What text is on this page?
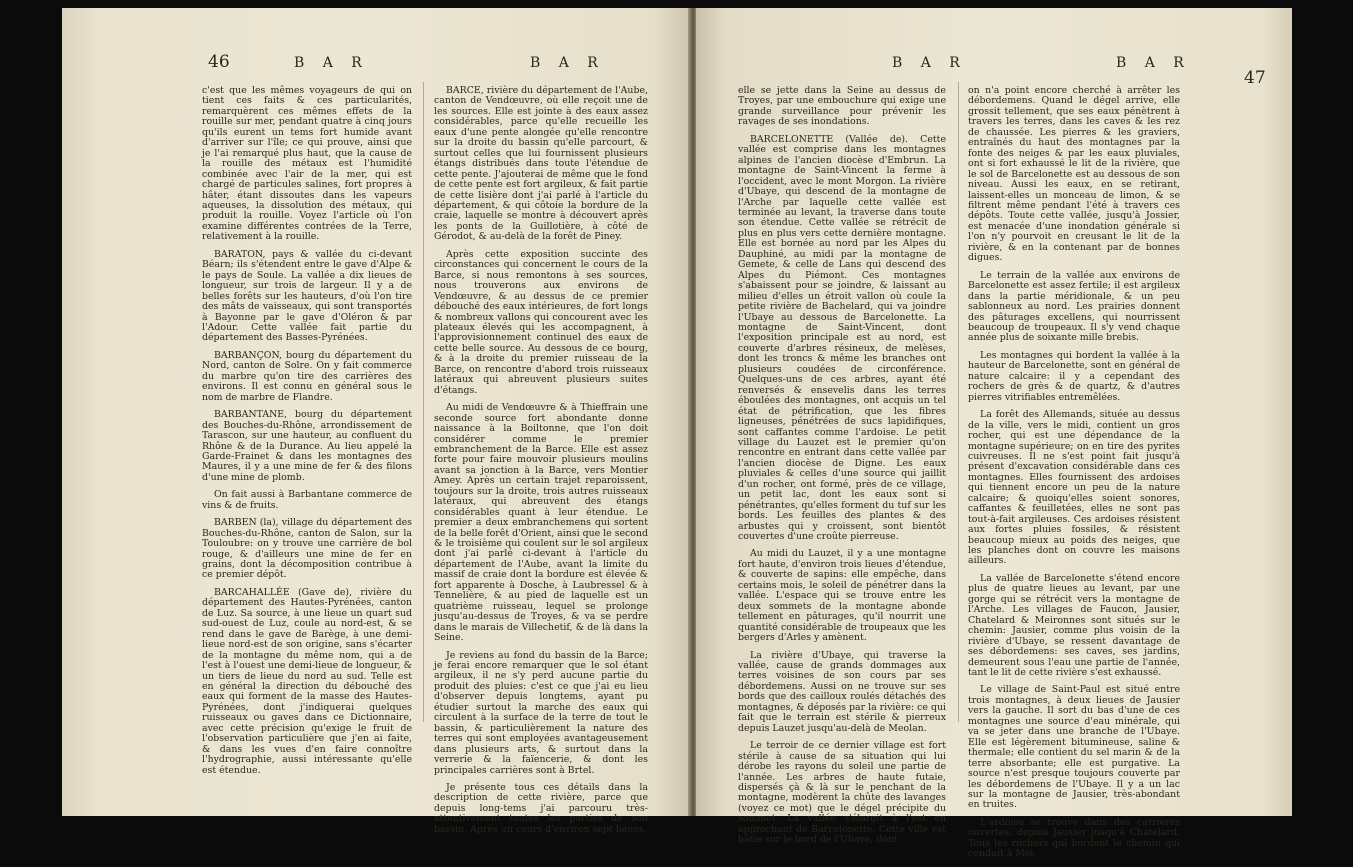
46	B A R	B A R

c'est que les mêmes voyageurs de qui on tient ces faits & ces particularités, remarquèrent ces mêmes effets de la rouille sur mer, pendant quatre à cinq jours qu'ils eurent un tems fort humide avant d'arriver sur l'île; ce qui prouve, ainsi que je l'ai remarqué plus haut, que la cause de la rouille des métaux est l'humidité combinée avec l'air de la mer, qui est chargé de particules salines, fort propres à hâter, étant dissoutes dans les vapeurs aqueuses, la dissolution des métaux, qui produit la rouille. Voyez l'article où l'on examine différentes contrées de la Terre, relativement à la rouille.

BARATON, pays & vallée du ci-devant Béarn; ils s'étendent entre le gave d'Alpe & le pays de Soule. La vallée a dix lieues de longueur, sur trois de largeur. Il y a de belles forêts sur les hauteurs, d'où l'on tire des mâts de vaisseaux, qui sont transportés à Bayonne par le gave d'Oléron & par l'Adour. Cette vallée fait partie du département des Basses-Pyrénées.

BARBANÇON, bourg du département du Nord, canton de Solre. On y fait commerce du marbre qu'on tire des carrières des environs. Il est connu en général sous le nom de marbre de Flandre.

BARBANTANE, bourg du département des Bouches-du-Rhône, arrondissement de Tarascon, sur une hauteur, au confluent du Rhône & de la Durance. Au lieu appelé la Garde-Frainet & dans les montagnes des Maures, il y a une mine de fer & des filons d'une mine de plomb.

On fait aussi à Barbantane commerce de vins & de fruits.

BARBEN (la), village du département des Bouches-du-Rhône, canton de Salon, sur la Touloubre: on y trouve une carrière de bol rouge, & d'ailleurs une mine de fer en grains, dont la décomposition contribue à ce premier dépôt.

BARCAHALLÉE (Gave de), rivière du département des Hautes-Pyrénées, canton de Luz. Sa source, à une lieue un quart sud sud-ouest de Luz, coule au nord-est, & se rend dans le gave de Barège, à une demi-lieue nord-est de son origine, sans s'écarter de la montagne du même nom, qui a de l'est à l'ouest une demi-lieue de longueur, & un tiers de lieue du nord au sud. Telle est en général la direction du débouché des eaux qui forment de la masse des Hautes-Pyrénées, dont j'indiquerai quelques ruisseaux ou gaves dans ce Dictionnaire, avec cette précision qu'exige le fruit de l'observation particulière que j'en ai faite, & dans les vues d'en faire connoître l'hydrographie, aussi intéressante qu'elle est étendue.

BARCE, rivière du département de l'Aube, canton de Vendœuvre, où elle reçoit une de les sources. Elle est jointe à des eaux assez considérables, parce qu'elle recueille les eaux d'une pente alongée qu'elle rencontre sur la droite du bassin qu'elle parcourt, & surtout celles que lui fournissent plusieurs étangs distribués dans toute l'étendue de cette pente. J'ajouterai de même que le fond de cette pente est fort argileux, & fait partie de cette lisière dont j'ai parlé à l'article du département, & qui côtoie la bordure de la craie, laquelle se montre à découvert après les ponts de la Guillotière, à côté de Gérodot, & au-delà de la forêt de Piney.

Après cette exposition succinte des circonstances qui concernent le cours de la Barce, si nous remontons à ses sources, nous trouverons aux environs de Vendœuvre, & au dessus de ce premier débouché des eaux intérieures, de fort longs & nombreux vallons qui concourent avec les plateaux élevés qui les accompagnent, à l'approvisionnement continuel des eaux de cette belle source. Au dessous de ce bourg, & à la droite du premier ruisseau de la Barce, on rencontre d'abord trois ruisseaux latéraux qui abreuvent plusieurs suites d'étangs.

Au midi de Vendœuvre & à Thieffrain une seconde source fort abondante donne naissance à la Boiltonne, que l'on doit considérer comme le premier embranchement de la Barce. Elle est assez forte pour faire mouvoir plusieurs moulins avant sa jonction à la Barce, vers Montier Amey. Après un certain trajet reparoissent, toujours sur la droite, trois autres ruisseaux latéraux, qui abreuvent des étangs considérables quant à leur étendue. Le premier a deux embranchemens qui sortent de la belle forêt d'Orient, ainsi que le second & le troisième qui coulent sur le sol argileux dont j'ai parlé ci-devant à l'article du département de l'Aube, avant la limite du massif de craie dont la bordure est élevée & fort apparente à Dosche, à Laubressel & à Tennelière, & au pied de laquelle est un quatrième ruisseau, lequel se prolonge jusqu'au-dessus de Troyes, & va se perdre dans le marais de Villechetif, & de là dans la Seine.

Je reviens au fond du bassin de la Barce; je ferai encore remarquer que le sol étant argileux, il ne s'y perd aucune partie du produit des pluies: c'est ce que j'ai eu lieu d'observer depuis longtems, ayant pu étudier surtout la marche des eaux qui circulent à la surface de la terre de tout le bassin, & particulièrement la nature des terres qui sont employées avantageusement dans plusieurs arts, & surtout dans la verrerie & la faïencerie, & dont les principales carrières sont à Brtel.

Je présente tous ces détails dans la description de cette rivière, parce que depuis long-tems j'ai parcouru très-attentivement toutes les parties de son bassin. Après un cours d'environ sept lieues,

B A R	B A R
47

elle se jette dans la Seine au dessus de Troyes, par une embouchure qui exige une grande surveillance pour prévenir les ravages de ses inondations.

BARCELONETTE (Vallée de). Cette vallée est comprise dans les montagnes alpines de l'ancien diocèse d'Embrun. La montagne de Saint-Vincent la ferme à l'occident, avec le mont Morgon. La rivière d'Ubaye, qui descend de la montagne de l'Arche par laquelle cette vallée est terminée au levant, la traverse dans toute son étendue. Cette vallée se rétrécit de plus en plus vers cette dernière montagne. Elle est bornée au nord par les Alpes du Dauphiné, au midi par la montagne de Gemete, & celle de Lans qui descend des Alpes du Piémont. Ces montagnes s'abaissent pour se joindre, & laissant au milieu d'elles un étroit vallon où coule la petite rivière de Bachelard, qui va joindre l'Ubaye au dessous de Barcelonette. La montagne de Saint-Vincent, dont l'exposition principale est au nord, est couverte d'arbres résineux, de melèses, dont les troncs & même les branches ont plusieurs coudées de circonférence. Quelques-uns de ces arbres, ayant été renversés & ensevelis dans les terres éboulées des montagnes, ont acquis un tel état de pétrification, que les fibres ligneuses, pénétrées de sucs lapidifiques, sont caffantes comme l'ardoise. Le petit village du Lauzet est le premier qu'on rencontre en entrant dans cette vallée par l'ancien diocèse de Digne. Les eaux pluviales & celles d'une source qui jaillit d'un rocher, ont formé, près de ce village, un petit lac, dont les eaux sont si pénétrantes, qu'elles forment du tuf sur les bords. Les feuilles des plantes & des arbustes qui y croissent, sont bientôt couvertes d'une croûte pierreuse.

Au midi du Lauzet, il y a une montagne fort haute, d'environ trois lieues d'étendue, & couverte de sapins: elle empêche, dans certains mois, le soleil de pénétrer dans la vallée. L'espace qui se trouve entre les deux sommets de la montagne abonde tellement en pâturages, qu'il nourrit une quantité considérable de troupeaux que les bergers d'Arles y amènent.

La rivière d'Ubaye, qui traverse la vallée, cause de grands dommages aux terres voisines de son cours par ses débordemens. Aussi on ne trouve sur ses bords que des cailloux roulés détachés des montagnes, & déposés par la rivière: ce qui fait que le terrain est stérile & pierreux depuis Lauzet jusqu'au-delà de Meolan.

Le terroir de ce dernier village est fort stérile à cause de sa situation qui lui dérobe les rayons du soleil une partie de l'année. Les arbres de haute futaie, dispersés çà & là sur le penchant de la montagne, modèrent la chûte des lavanges (voyez ce mot) que le dégel précipite du sommet. La vallée s'élargit à l'est en approchant de Barcelonette. Cette ville est bâtie sur le bord de l'Ubaye, dont

on n'a point encore cherché à arrêter les débordemens. Quand le dégel arrive, elle grossit tellement, que ses eaux pénètrent à travers les terres, dans les caves & les rez de chaussée. Les pierres & les graviers, entraînés du haut des montagnes par la fonte des neiges & par les eaux pluviales, ont si fort exhaussé le lit de la rivière, que le sol de Barcelonette est au dessous de son niveau. Aussi les eaux, en se retirant, laissent-elles un monceau de limon, & se filtrent même pendant l'été à travers ces dépôts. Toute cette vallée, jusqu'à Jossier, est menacée d'une inondation générale si l'on n'y pourvoit en creusant le lit de la rivière, & en la contenant par de bonnes digues.

Le terrain de la vallée aux environs de Barcelonette est assez fertile; il est argileux dans la partie méridionale, & un peu sablonneux au nord. Les prairies donnent des pâturages excellens, qui nourrissent beaucoup de troupeaux. Il s'y vend chaque année plus de soixante mille brebis.

Les montagnes qui bordent la vallée à la hauteur de Barcelonette, sont en général de nature calcaire: il y a cependant des rochers de grès & de quartz, & d'autres pierres vitrifiables entremêlées.

La forêt des Allemands, située au dessus de la ville, vers le midi, contient un gros rocher, qui est une dépendance de la montagne supérieure; on en tire des pyrites cuivreuses. Il ne s'est point fait jusqu'à présent d'excavation considérable dans ces montagnes. Elles fournissent des ardoises qui tiennent encore un peu de la nature calcaire; & quoiqu'elles soient sonores, caffantes & feuilletées, elles ne sont pas tout-à-fait argileuses. Ces ardoises résistent aux fortes pluies fossiles, & résistent beaucoup mieux au poids des neiges, que les planches dont on couvre les maisons ailleurs.

La vallée de Barcelonette s'étend encore plus de quatre lieues au levant, par une gorge qui se rétrécit vers la montagne de l'Arche. Les villages de Faucon, Jausier, Chatelard & Meironnes sont situés sur le chemin: Jausier, comme plus voisin de la rivière d'Ubaye, se ressent davantage de ses débordemens: ses caves, ses jardins, demeurent sous l'eau une partie de l'année, tant le lit de cette rivière s'est exhaussé.

Le village de Saint-Paul est situé entre trois montagnes, à deux lieues de Jausier vers la gauche. Il sort du bas d'une de ces montagnes une source d'eau minérale, qui va se jeter dans une branche de l'Ubaye. Elle est légèrement bitumineuse, saline & thermale; elle contient du sel marin & de la terre absorbante; elle est purgative. La source n'est presque toujours couverte par les débordemens de l'Ubaye. Il y a un lac sur la montagne de Jausier, très-abondant en truites.

L'ardoise se trouve dans des carrières ouvertes, depuis Jausier jusqu'à Chatelard. Tous les rochers qui bordent le chemin qui conduit à Mei-
